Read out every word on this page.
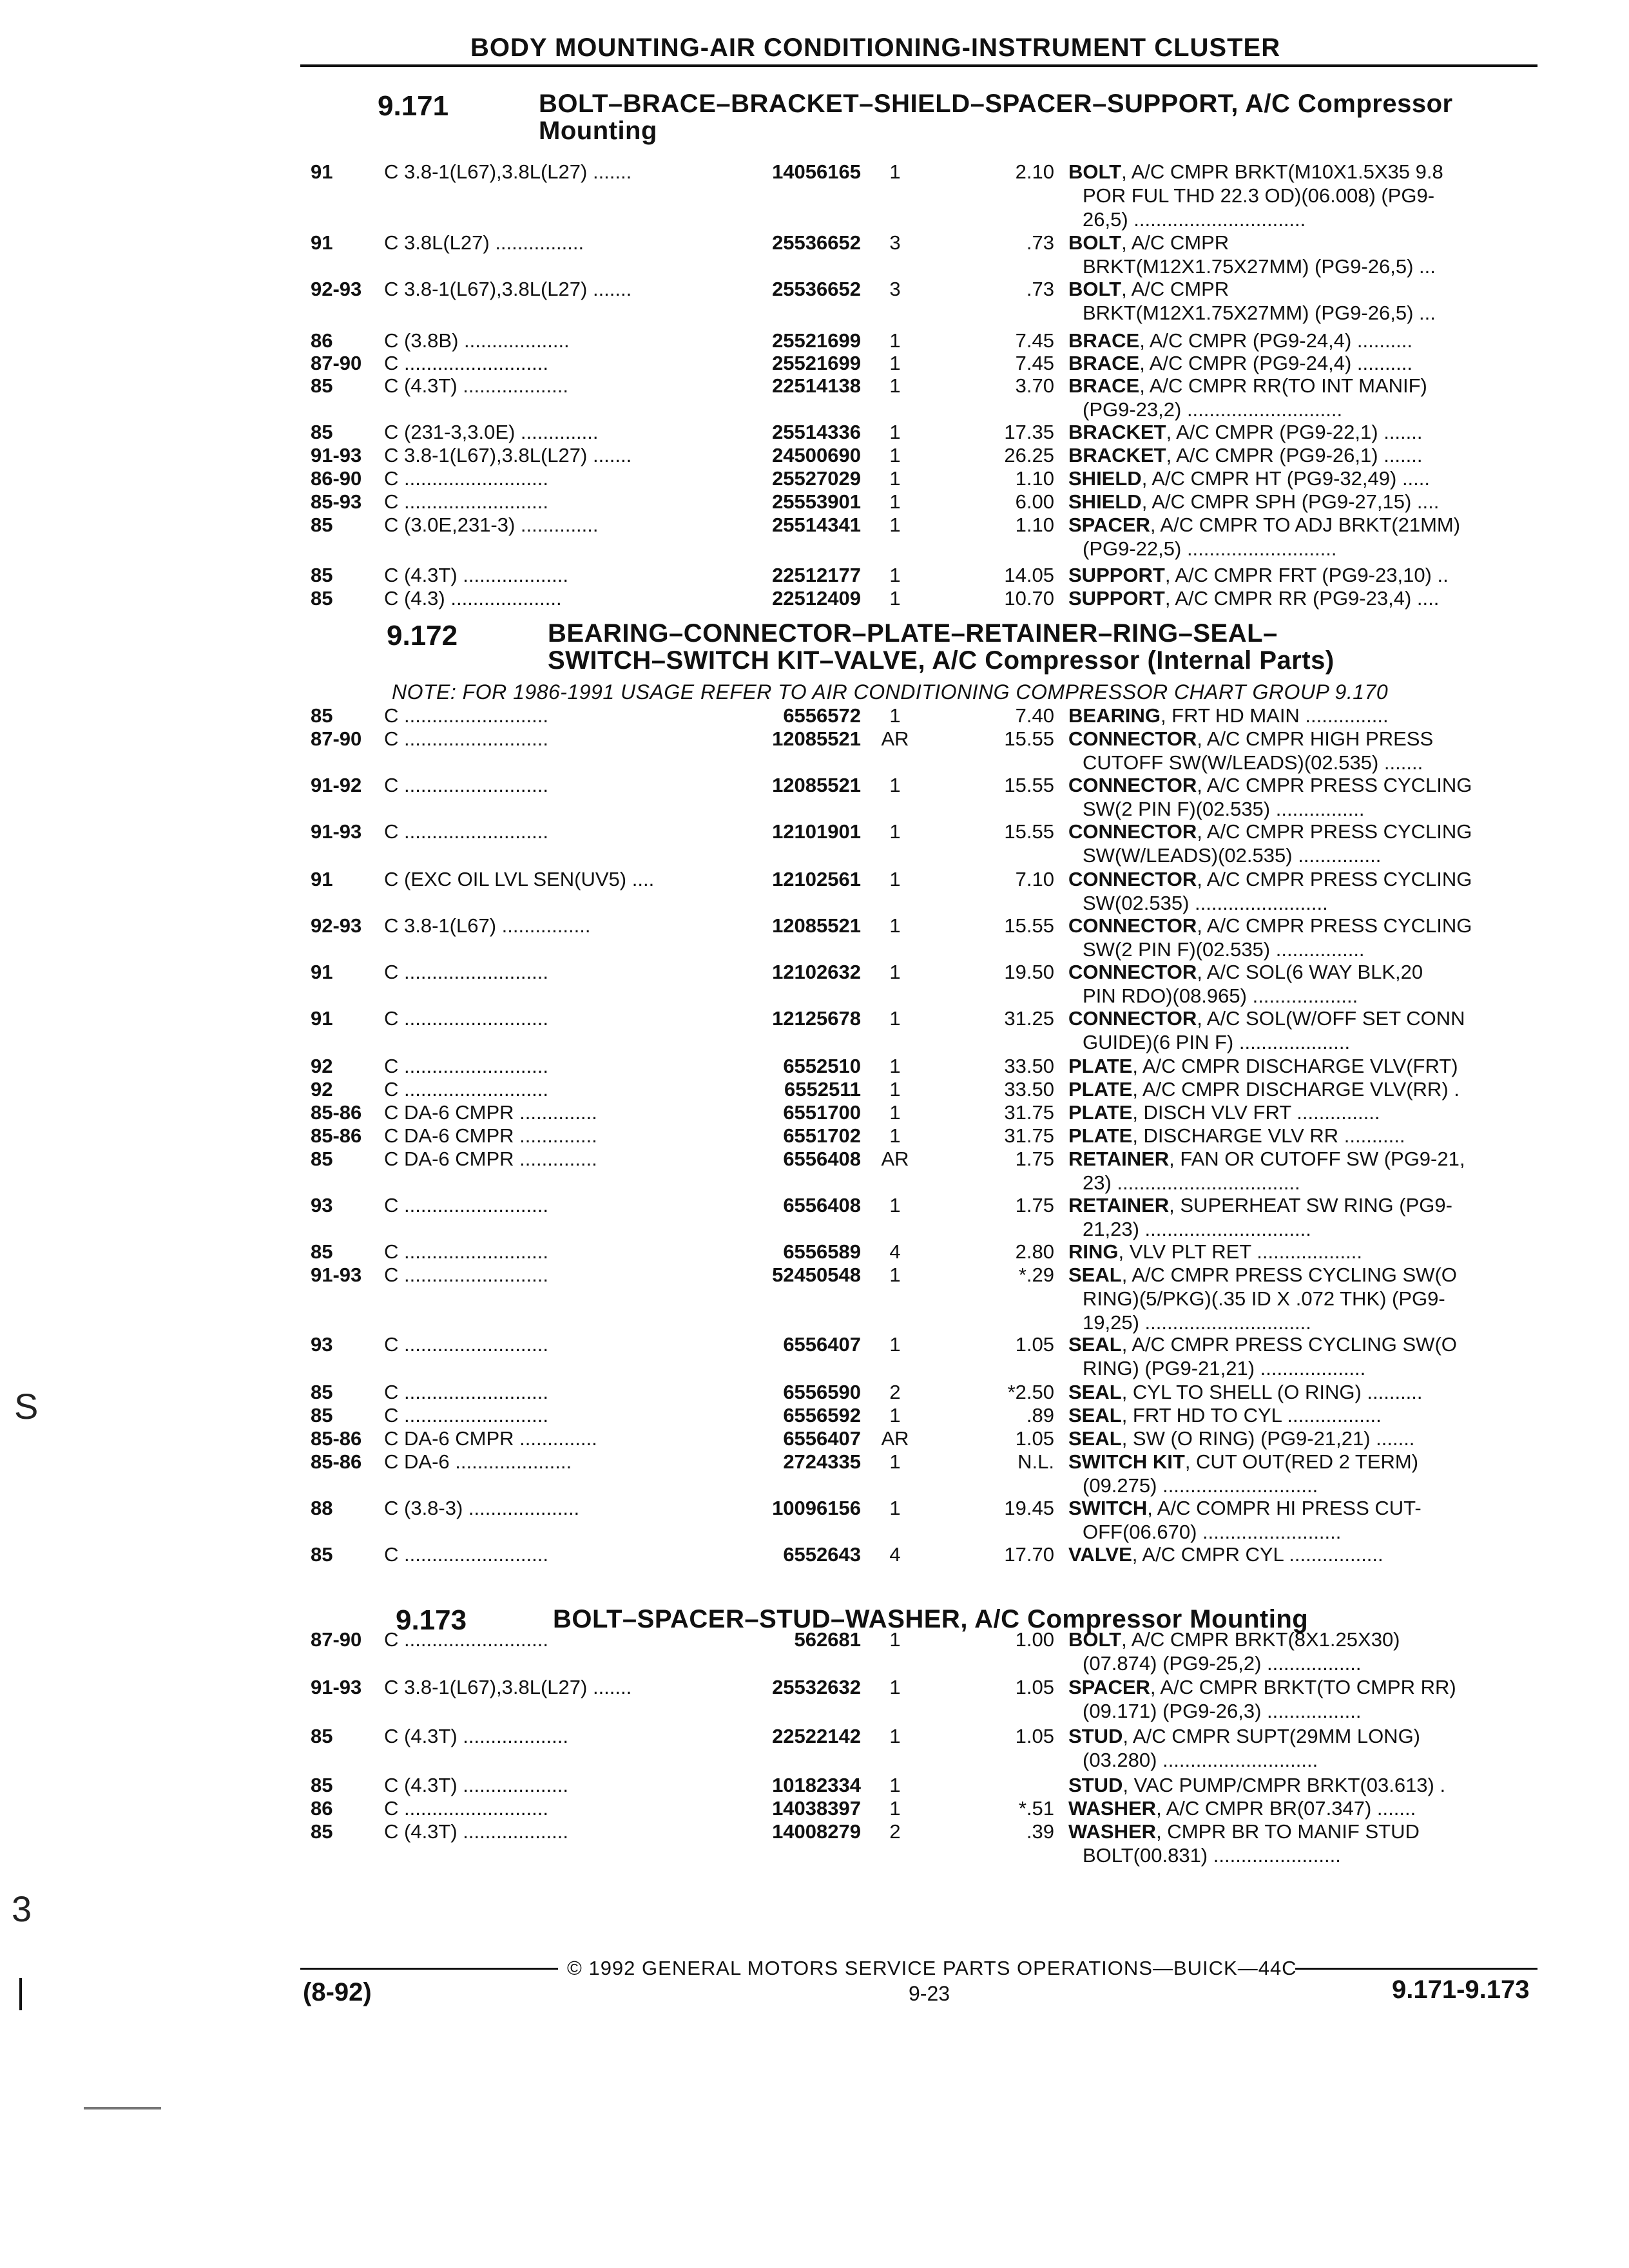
BODY MOUNTING-AIR CONDITIONING-INSTRUMENT CLUSTER
9.171	BOLT–BRACE–BRACKET–SHIELD–SPACER–SUPPORT, A/C Compressor
Mounting
91	C 3.8-1(L67),3.8L(L27) .......	14056165	1	2.10 BOLT, A/C CMPR BRKT(M10X1.5X35 9.8
POR FUL THD 22.3 OD)(06.008) (PG9-
26,5) ...............................
91	C 3.8L(L27) ................	25536652	3	.73 BOLT, A/C CMPR
BRKT(M12X1.75X27MM) (PG9-26,5) ...
92-93 C 3.8-1(L67),3.8L(L27) .......	25536652	3	.73 BOLT, A/C CMPR
BRKT(M12X1.75X27MM) (PG9-26,5) ...
86	C (3.8B) ...................	25521699	1	7.45 BRACE, A/C CMPR (PG9-24,4) ..........
87-90 C ..........................	25521699	1	7.45 BRACE, A/C CMPR (PG9-24,4) ..........
85	C (4.3T) ...................	22514138	1	3.70 BRACE, A/C CMPR RR(TO INT MANIF)
(PG9-23,2) ............................
85	C (231-3,3.0E) ..............	25514336	1	17.35 BRACKET, A/C CMPR (PG9-22,1) .......
91-93 C 3.8-1(L67),3.8L(L27) .......	24500690	1	26.25 BRACKET, A/C CMPR (PG9-26,1) .......
86-90 C ..........................	25527029	1	1.10 SHIELD, A/C CMPR HT (PG9-32,49) .....
85-93 C ..........................	25553901	1	6.00 SHIELD, A/C CMPR SPH (PG9-27,15) ....
85	C (3.0E,231-3) ..............	25514341	1	1.10 SPACER, A/C CMPR TO ADJ BRKT(21MM)
(PG9-22,5) ...........................
85	C (4.3T) ...................	22512177	1	14.05 SUPPORT, A/C CMPR FRT (PG9-23,10) ..
85	C (4.3) ....................	22512409	1	10.70 SUPPORT, A/C CMPR RR (PG9-23,4) ....
9.172	BEARING–CONNECTOR–PLATE–RETAINER–RING–SEAL–
SWITCH–SWITCH KIT–VALVE, A/C Compressor (Internal Parts)
NOTE: FOR 1986-1991 USAGE REFER TO AIR CONDITIONING COMPRESSOR CHART GROUP 9.170
85	C ..........................	6556572	1	7.40 BEARING, FRT HD MAIN ...............
87-90 C ..........................	12085521	AR	15.55 CONNECTOR, A/C CMPR HIGH PRESS
CUTOFF SW(W/LEADS)(02.535) .......
91-92 C ..........................	12085521	1	15.55 CONNECTOR, A/C CMPR PRESS CYCLING
SW(2 PIN F)(02.535) ................
91-93 C ..........................	12101901	1	15.55 CONNECTOR, A/C CMPR PRESS CYCLING
SW(W/LEADS)(02.535) ...............
91	C (EXC OIL LVL SEN(UV5) ....	12102561	1	7.10 CONNECTOR, A/C CMPR PRESS CYCLING
SW(02.535) ........................
92-93 C 3.8-1(L67) ................	12085521	1	15.55 CONNECTOR, A/C CMPR PRESS CYCLING
SW(2 PIN F)(02.535) ................
91	C ..........................	12102632	1	19.50 CONNECTOR, A/C SOL(6 WAY BLK,20
PIN RDO)(08.965) ...................
91	C ..........................	12125678	1	31.25 CONNECTOR, A/C SOL(W/OFF SET CONN
GUIDE)(6 PIN F) ....................
92	C ..........................	6552510	1	33.50 PLATE, A/C CMPR DISCHARGE VLV(FRT)
92	C ..........................	6552511	1	33.50 PLATE, A/C CMPR DISCHARGE VLV(RR) .
85-86 C DA-6 CMPR ..............	6551700	1	31.75 PLATE, DISCH VLV FRT ...............
85-86 C DA-6 CMPR ..............	6551702	1	31.75 PLATE, DISCHARGE VLV RR ...........
85	C DA-6 CMPR ..............	6556408	AR	1.75 RETAINER, FAN OR CUTOFF SW (PG9-21,
23) .................................
93	C ..........................	6556408	1	1.75 RETAINER, SUPERHEAT SW RING (PG9-
21,23) ..............................
85	C ..........................	6556589	4	2.80 RING, VLV PLT RET ...................
91-93 C ..........................	52450548	1	*.29 SEAL, A/C CMPR PRESS CYCLING SW(O
RING)(5/PKG)(.35 ID X .072 THK) (PG9-
19,25) ..............................
93	C ..........................	6556407	1	1.05 SEAL, A/C CMPR PRESS CYCLING SW(O
RING) (PG9-21,21) ...................
85	C ..........................	6556590	2	*2.50 SEAL, CYL TO SHELL (O RING) ..........
85	C ..........................	6556592	1	.89 SEAL, FRT HD TO CYL .................
85-86 C DA-6 CMPR ..............	6556407	AR	1.05 SEAL, SW (O RING) (PG9-21,21) .......
85-86 C DA-6 .....................	2724335	1	N.L. SWITCH KIT, CUT OUT(RED 2 TERM)
(09.275) ............................
88	C (3.8-3) ....................	10096156	1	19.45 SWITCH, A/C COMPR HI PRESS CUT-
OFF(06.670) .........................
85	C ..........................	6552643	4	17.70 VALVE, A/C CMPR CYL .................
9.173	BOLT–SPACER–STUD–WASHER, A/C Compressor Mounting
87-90 C ..........................	562681	1	1.00 BOLT, A/C CMPR BRKT(8X1.25X30)
(07.874) (PG9-25,2) .................
91-93 C 3.8-1(L67),3.8L(L27) .......	25532632	1	1.05 SPACER, A/C CMPR BRKT(TO CMPR RR)
(09.171) (PG9-26,3) .................
85	C (4.3T) ...................	22522142	1	1.05 STUD, A/C CMPR SUPT(29MM LONG)
(03.280) ............................
85	C (4.3T) ...................	10182334	1	STUD, VAC PUMP/CMPR BRKT(03.613) .
86	C ..........................	14038397	1	*.51 WASHER, A/C CMPR BR(07.347) .......
85	C (4.3T) ...................	14008279	2	.39 WASHER, CMPR BR TO MANIF STUD
BOLT(00.831) .......................
© 1992 GENERAL MOTORS SERVICE PARTS OPERATIONS—BUICK—44C
(8-92)	9-23	9.171-9.173
S
3
